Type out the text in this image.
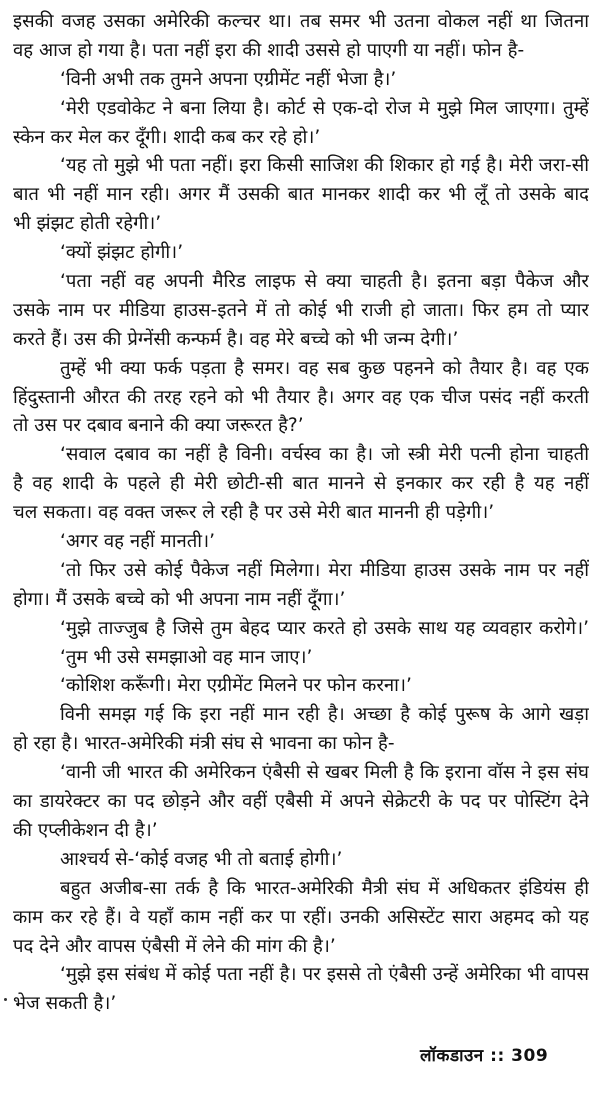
इसकी वजह उसका अमेरिकी कल्चर था। तब समर भी उतना वोकल नहीं था जितना
वह आज हो गया है। पता नहीं इरा की शादी उससे हो पाएगी या नहीं। फोन है-
‘विनी अभी तक तुमने अपना एग्रीमेंट नहीं भेजा है।’
‘मेरी एडवोकेट ने बना लिया है। कोर्ट से एक-दो रोज मे मुझे मिल जाएगा। तुम्हें
स्केन कर मेल कर दूँगी। शादी कब कर रहे हो।’
‘यह तो मुझे भी पता नहीं। इरा किसी साजिश की शिकार हो गई है। मेरी जरा-सी
बात भी नहीं मान रही। अगर मैं उसकी बात मानकर शादी कर भी लूँ तो उसके बाद
भी झंझट होती रहेगी।’
‘क्यों झंझट होगी।’
‘पता नहीं वह अपनी मैरिड लाइफ से क्या चाहती है। इतना बड़ा पैकेज और
उसके नाम पर मीडिया हाउस-इतने में तो कोई भी राजी हो जाता। फिर हम तो प्यार
करते हैं। उस की प्रेग्नेंसी कन्फर्म है। वह मेरे बच्चे को भी जन्म देगी।’
तुम्हें भी क्या फर्क पड़ता है समर। वह सब कुछ पहनने को तैयार है। वह एक
हिंदुस्तानी औरत की तरह रहने को भी तैयार है। अगर वह एक चीज पसंद नहीं करती
तो उस पर दबाव बनाने की क्या जरूरत है?’
‘सवाल दबाव का नहीं है विनी। वर्चस्व का है। जो स्त्री मेरी पत्नी होना चाहती
है वह शादी के पहले ही मेरी छोटी-सी बात मानने से इनकार कर रही है यह नहीं
चल सकता। वह वक्त जरूर ले रही है पर उसे मेरी बात माननी ही पड़ेगी।’
‘अगर वह नहीं मानती।’
‘तो फिर उसे कोई पैकेज नहीं मिलेगा। मेरा मीडिया हाउस उसके नाम पर नहीं
होगा। मैं उसके बच्चे को भी अपना नाम नहीं दूँगा।’
‘मुझे ताज्जुब है जिसे तुम बेहद प्यार करते हो उसके साथ यह व्यवहार करोगे।’
‘तुम भी उसे समझाओ वह मान जाए।’
‘कोशिश करूँगी। मेरा एग्रीमेंट मिलने पर फोन करना।’
विनी समझ गई कि इरा नहीं मान रही है। अच्छा है कोई पुरूष के आगे खड़ा
हो रहा है। भारत-अमेरिकी मंत्री संघ से भावना का फोन है-
‘वानी जी भारत की अमेरिकन एंबैसी से खबर मिली है कि इराना वॉस ने इस संघ
का डायरेक्टर का पद छोड़ने और वहीं एबैसी में अपने सेक्रेटरी के पद पर पोस्टिंग देने
की एप्लीकेशन दी है।’
आश्चर्य से-‘कोई वजह भी तो बताई होगी।’
बहुत अजीब-सा तर्क है कि भारत-अमेरिकी मैत्री संघ में अधिकतर इंडियंस ही
काम कर रहे हैं। वे यहाँ काम नहीं कर पा रहीं। उनकी असिस्टेंट सारा अहमद को यह
पद देने और वापस एंबैसी में लेने की मांग की है।’
‘मुझे इस संबंध में कोई पता नहीं है। पर इससे तो एंबैसी उन्हें अमेरिका भी वापस
भेज सकती है।’
लॉकडाउन :: 309
